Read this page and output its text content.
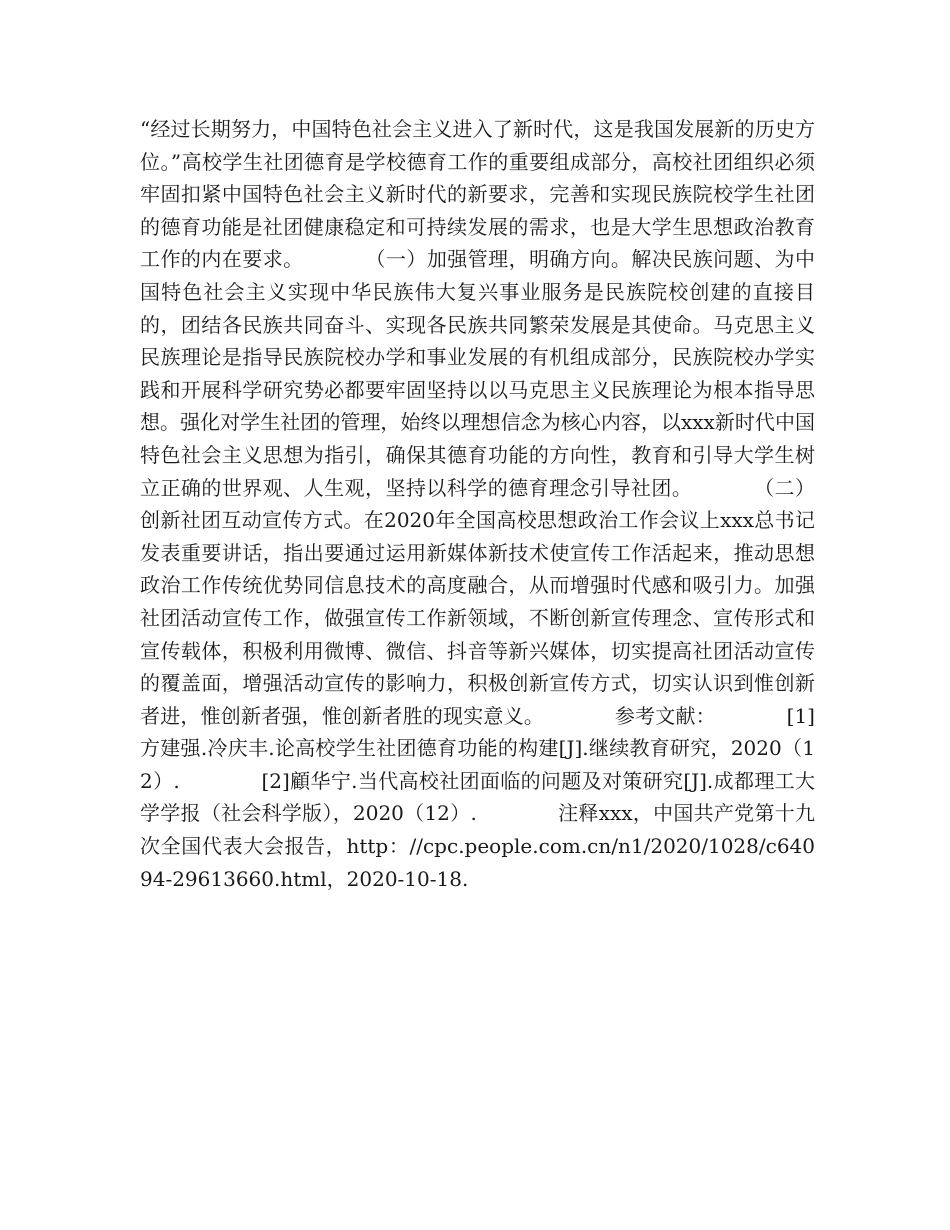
“经过长期努力，中国特色社会主义进入了新时代，这是我国发展新的历史方位。”高校学生社团德育是学校德育工作的重要组成部分，高校社团组织必须牢固扣紧中国特色社会主义新时代的新要求，完善和实现民族院校学生社团的德育功能是社团健康稳定和可持续发展的需求，也是大学生思想政治教育工作的内在要求。　　　　（一）加强管理，明确方向。解决民族问题、为中国特色社会主义实现中华民族伟大复兴事业服务是民族院校创建的直接目的，团结各民族共同奋斗、实现各民族共同繁荣发展是其使命。马克思主义民族理论是指导民族院校办学和事业发展的有机组成部分，民族院校办学实践和开展科学研究势必都要牢固坚持以以马克思主义民族理论为根本指导思想。强化对学生社团的管理，始终以理想信念为核心内容，以xxx新时代中国特色社会主义思想为指引，确保其德育功能的方向性，教育和引导大学生树立正确的世界观、人生观，坚持以科学的德育理念引导社团。　　　　（二）创新社团互动宣传方式。在2020年全国高校思想政治工作会议上xxx总书记发表重要讲话，指出要通过运用新媒体新技术使宣传工作活起来，推动思想政治工作传统优势同信息技术的高度融合，从而增强时代感和吸引力。加强社团活动宣传工作，做强宣传工作新领域，不断创新宣传理念、宣传形式和宣传载体，积极利用微博、微信、抖音等新兴媒体，切实提高社团活动宣传的覆盖面，增强活动宣传的影响力，积极创新宣传方式，切实认识到惟创新者进，惟创新者强，惟创新者胜的现实意义。　　　　参考文献：　　　　[1]方建强.冷庆丰.论高校学生社团德育功能的构建[J].继续教育研究，2020（12）.　　　　[2]顧华宁.当代高校社团面临的问题及对策研究[J].成都理工大学学报（社会科学版），2020（12）.　　　　注释xxx，中国共产党第十九次全国代表大会报告，http：//cpc.people.com.cn/n1/2020/1028/c64094-29613660.html，2020-10-18.
